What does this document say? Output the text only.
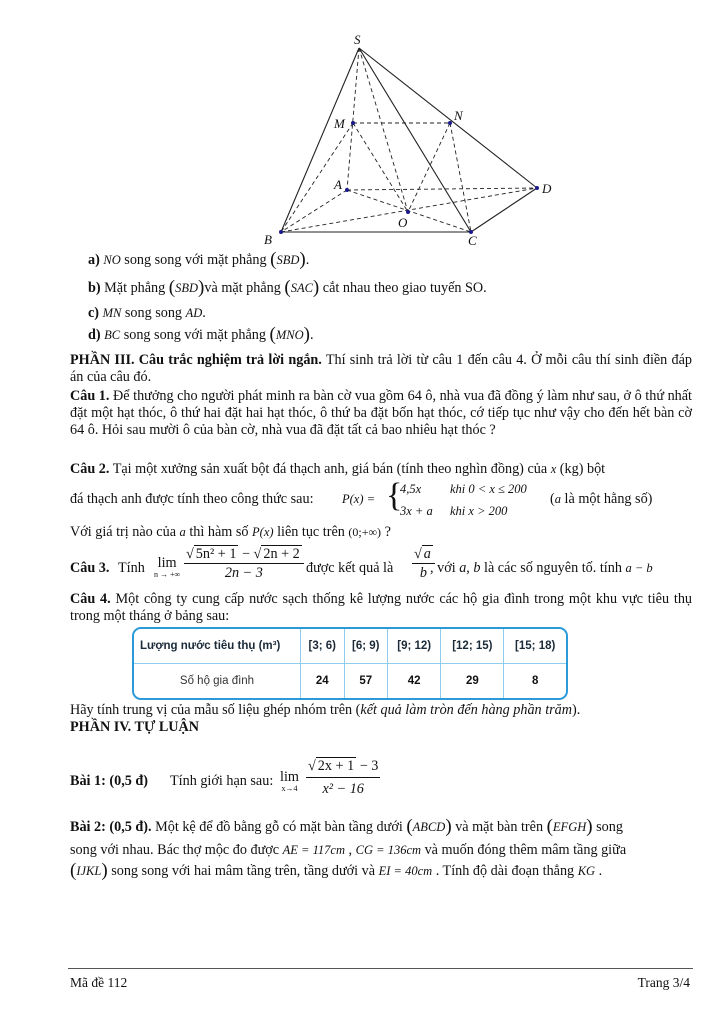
S
M
N
A	D
O
B	C
a) NO song song với mặt phẳng (SBD).
b) Mặt phẳng (SBD)và mặt phẳng (SAC) cắt nhau theo giao tuyến SO.
c) MN song song AD.
d) BC song song với mặt phẳng (MNO).
PHẦN III. Câu trắc nghiệm trả lời ngắn. Thí sinh trả lời từ câu 1 đến câu 4. Ở mỗi câu thí sinh điền đáp án của câu đó.
Câu 1. Để thưởng cho người phát minh ra bàn cờ vua gồm 64 ô, nhà vua đã đồng ý làm như sau, ở ô thứ nhất đặt một hạt thóc, ô thứ hai đặt hai hạt thóc, ô thứ ba đặt bốn hạt thóc, cớ tiếp tục như vậy cho đến hết bàn cờ 64 ô. Hỏi sau mười ô của bàn cờ, nhà vua đã đặt tất cả bao nhiêu hạt thóc ?
Câu 2. Tại một xưởng sản xuất bột đá thạch anh, giá bán (tính theo nghìn đồng) của x (kg) bột
đá thạch anh được tính theo công thức sau: P(x) = {
4,5x khi 0 < x ≤ 200
3x + a khi x > 200
(a là một hằng số)
Với giá trị nào của a thì hàm số P(x) liên tục trên (0;+∞) ?
Câu 3. Tính lim
n → +∞ $\frac{\text{√ 5n² + 1 − √ 2n + 2}}{2n - 3}$ được kết quả là $\frac{√ a}{b}$
, với a, b là các số nguyên tố. tính a − b
Câu 4. Một công ty cung cấp nước sạch thống kê lượng nước các hộ gia đình trong một khu vực tiêu thụ trong một tháng ở bảng sau:
Lượng nước tiêu thụ (m³)	[3; 6)	[6; 9)	[9; 12)	[12; 15)	[15; 18)
Số hộ gia đình	24	57	42	29	8
Hãy tính trung vị của mẫu số liệu ghép nhóm trên (kết quả làm tròn đến hàng phần trăm).
PHẦN IV. TỰ LUẬN
Bài 1: (0,5 đ) Tính giới hạn sau: lim
$x\to 4 \frac{√ 2x + 1 - 3}{\text{x² − 16}}$
Bài 2: (0,5 đ). Một kệ để đồ bằng gỗ có mặt bàn tầng dưới (ABCD) và mặt bàn trên (EFGH) song
song với nhau. Bác thợ mộc đo được AE = 117cm , CG = 136cm và muốn đóng thêm mâm tầng giữa
(IJKL) song song với hai mâm tầng trên, tầng dưới và EI = 40cm . Tính độ dài đoạn thẳng KG .
Mã đề 112	Trang 3/4
